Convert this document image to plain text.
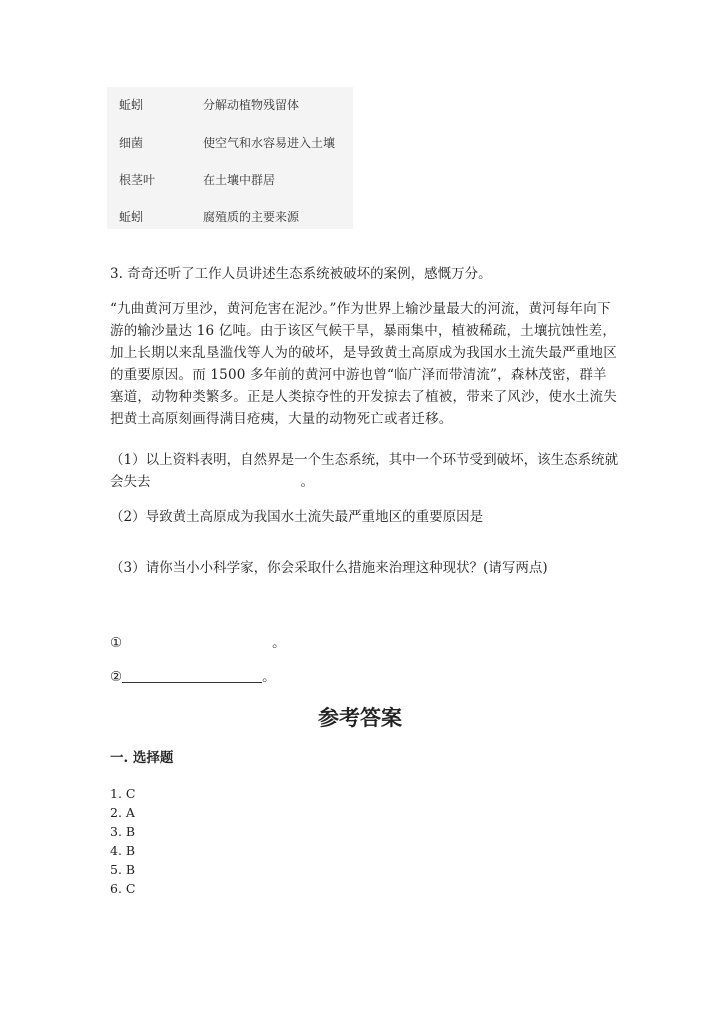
蚯蚓	分解动植物残留体
细菌	使空气和水容易进入土壤
根茎叶	在土壤中群居
蚯蚓	腐殖质的主要来源
3. 奇奇还听了工作人员讲述生态系统被破坏的案例，感慨万分。
“九曲黄河万里沙，黄河危害在泥沙。”作为世界上输沙量最大的河流，黄河每年向下游的输沙量达 16 亿吨。由于该区气候干旱，暴雨集中，植被稀疏，土壤抗蚀性差，加上长期以来乱垦滥伐等人为的破坏，是导致黄土高原成为我国水土流失最严重地区的重要原因。而 1500 多年前的黄河中游也曾“临广泽而带清流”，森林茂密，群羊塞道，动物种类繁多。正是人类掠夺性的开发掠去了植被，带来了风沙，使水土流失把黄土高原刻画得满目疮痍，大量的动物死亡或者迁移。
（1）以上资料表明，自然界是一个生态系统，其中一个环节受到破坏，该生态系统就会失去	。
（2）导致黄土高原成为我国水土流失最严重地区的重要原因是
（3）请你当小小科学家，你会采取什么措施来治理这种现状？(请写两点)
①	。
②	。
参考答案
一. 选择题
1. C
2. A
3. B
4. B
5. B
6. C
